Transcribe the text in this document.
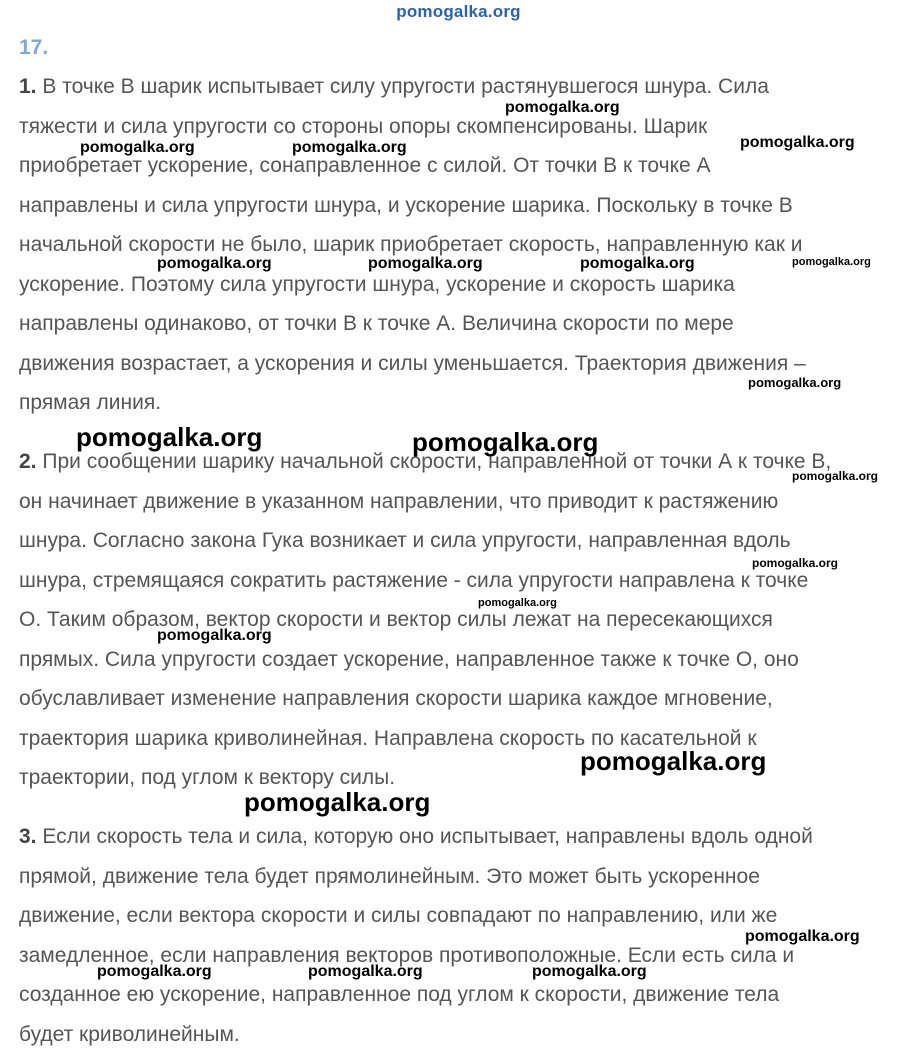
pomogalka.org
17.
1. В точке В шарик испытывает силу упругости растянувшегося шнура. Сила
тяжести и сила упругости со стороны опоры скомпенсированы. Шарик
приобретает ускорение, сонаправленное с силой. От точки В к точке А
направлены и сила упругости шнура, и ускорение шарика. Поскольку в точке В
начальной скорости не было, шарик приобретает скорость, направленную как и
ускорение. Поэтому сила упругости шнура, ускорение и скорость шарика
направлены одинаково, от точки В к точке А. Величина скорости по мере
движения возрастает, а ускорения и силы уменьшается. Траектория движения –
прямая линия.
2. При сообщении шарику начальной скорости, направленной от точки А к точке В,
он начинает движение в указанном направлении, что приводит к растяжению
шнура. Согласно закона Гука возникает и сила упругости, направленная вдоль
шнура, стремящаяся сократить растяжение - сила упругости направлена к точке
О. Таким образом, вектор скорости и вектор силы лежат на пересекающихся
прямых. Сила упругости создает ускорение, направленное также к точке О, оно
обуславливает изменение направления скорости шарика каждое мгновение,
траектория шарика криволинейная. Направлена скорость по касательной к
траектории, под углом к вектору силы.
3. Если скорость тела и сила, которую оно испытывает, направлены вдоль одной
прямой, движение тела будет прямолинейным. Это может быть ускоренное
движение, если вектора скорости и силы совпадают по направлению, или же
замедленное, если направления векторов противоположные. Если есть сила и
созданное ею ускорение, направленное под углом к скорости, движение тела
будет криволинейным.
pomogalka.org
pomogalka.org	pomogalka.org	pomogalka.org
pomogalka.org	pomogalka.org	pomogalka.org	pomogalka.org
pomogalka.org
pomogalka.org	pomogalka.org
pomogalka.org
pomogalka.org
pomogalka.org
pomogalka.org
pomogalka.org
pomogalka.org
pomogalka.org
pomogalka.org	pomogalka.org	pomogalka.org
